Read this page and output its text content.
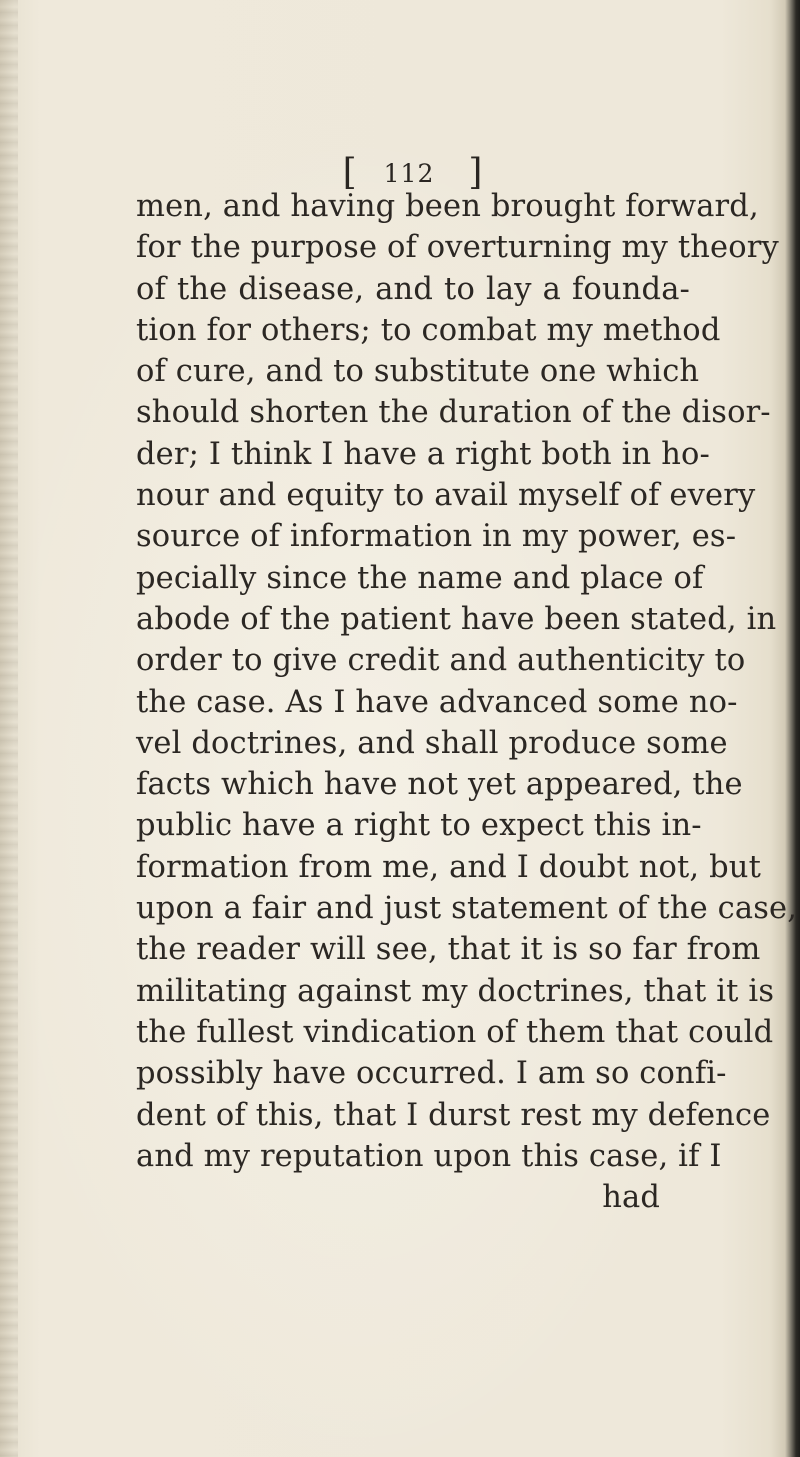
[ 112 ]
men, and having been brought forward,
for the purpose of overturning my theory
of the disease, and to lay a founda-
tion for others; to combat my method
of cure, and to substitute one which
should shorten the duration of the disor-
der; I think I have a right both in ho-
nour and equity to avail myself of every
source of information in my power, es-
pecially since the name and place of
abode of the patient have been stated, in
order to give credit and authenticity to
the case. As I have advanced some no-
vel doctrines, and shall produce some
facts which have not yet appeared, the
public have a right to expect this in-
formation from me, and I doubt not, but
upon a fair and just statement of the case,
the reader will see, that it is so far from
militating against my doctrines, that it is
the fullest vindication of them that could
possibly have occurred. I am so confi-
dent of this, that I durst rest my defence
and my reputation upon this case, if I
had
